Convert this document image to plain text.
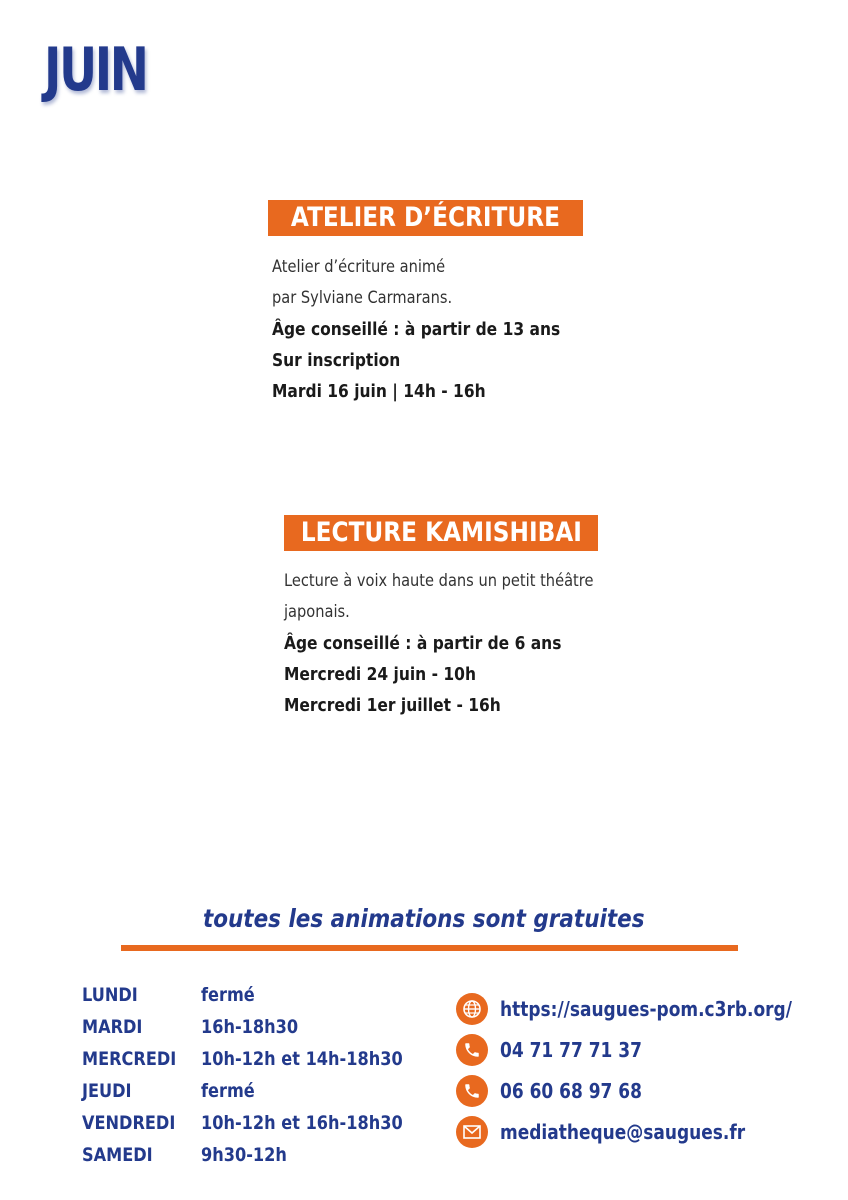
JUIN
ATELIER D’ÉCRITURE
Atelier d’écriture animé
par Sylviane Carmarans.
Âge conseillé : à partir de 13 ans
Sur inscription
Mardi 16 juin | 14h - 16h
LECTURE KAMISHIBAI
Lecture à voix haute dans un petit théâtre
japonais.
Âge conseillé : à partir de 6 ans
Mercredi 24 juin - 10h
Mercredi 1er juillet - 16h
toutes les animations sont gratuites
LUNDI	fermé
MARDI	16h-18h30
MERCREDI 10h-12h et 14h-18h30
JEUDI	fermé
VENDREDI 10h-12h et 16h-18h30
SAMEDI	9h30-12h
https://saugues-pom.c3rb.org/
04 71 77 71 37
06 60 68 97 68
mediatheque@saugues.fr
